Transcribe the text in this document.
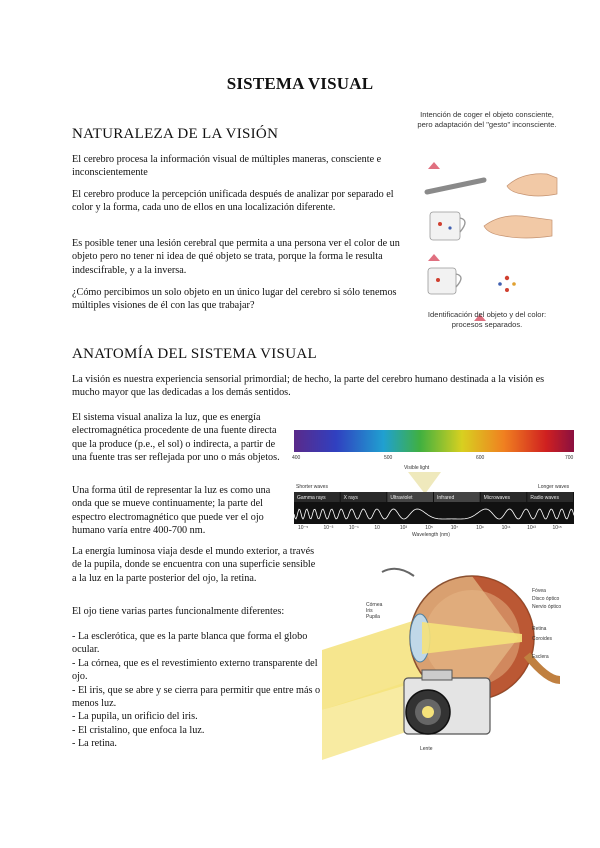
SISTEMA VISUAL
NATURALEZA DE LA VISIÓN
El cerebro procesa la información visual de múltiples maneras, consciente e inconscientemente
El cerebro produce la percepción unificada después de analizar por separado el color y la forma, cada uno de ellos en una localización diferente.
Es posible tener una lesión cerebral que permita a una persona ver el color de un objeto pero no tener ni idea de qué objeto se trata, porque la forma le resulta indescifrable, y a la inversa.
¿Cómo percibimos un solo objeto en un único lugar del cerebro si sólo tenemos múltiples visiones de él con las que trabajar?
Intención de coger el objeto consciente, pero adaptación del "gesto" inconsciente.
Identificación del objeto y del color: procesos separados.
ANATOMÍA DEL SISTEMA VISUAL
La visión es nuestra experiencia sensorial primordial; de hecho, la parte del cerebro humano destinada a la visión es mucho mayor que las dedicadas a los demás sentidos.
El sistema visual analiza la luz, que es energía electromagnética procedente de una fuente directa que la produce (p.e., el sol) o indirecta, a partir de una fuente tras ser reflejada por uno o más objetos.
Una forma útil de representar la luz es como una onda que se mueve continuamente; la parte del espectro electromagnético que puede ver el ojo humano varía entre 400-700 nm.
La energía luminosa viaja desde el mundo exterior, a través de la pupila, donde se encuentra con una superficie sensible a la luz en la parte posterior del ojo, la retina.
El ojo tiene varias partes funcionalmente diferentes:
- La esclerótica, que es la parte blanca que forma el globo ocular.
- La córnea, que es el revestimiento externo transparente del ojo.
- El iris, que se abre y se cierra para permitir que entre más o menos luz.
- La pupila, un orificio del iris.
- El cristalino, que enfoca la luz.
- La retina.
400	500	600	700
Visible light
Shorter waves	Longer waves
Gamma rays	X rays	Ultraviolet	Infrared	Microwaves	Radio waves
10⁻⁵	10⁻³	10⁻¹	10	10³	10⁵	10⁷	10⁹	10¹¹	10¹³	10¹⁵
Wavelength (nm)
Córnea
Iris
Pupila
Fóvea
Disco óptico
Nervio óptico
Retina
Coroides
Esclera
Lente
